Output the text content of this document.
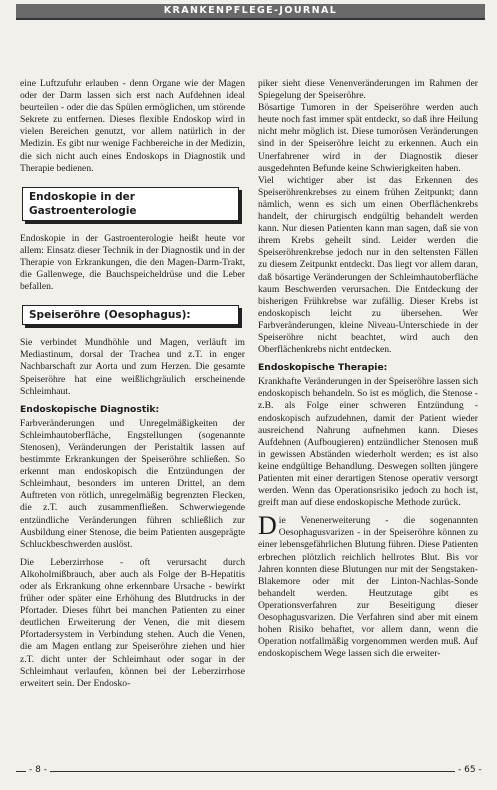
KRANKENPFLEGE-JOURNAL

eine Luftzufuhr erlauben - denn Organe wie der Magen oder der Darm lassen sich erst nach Aufdehnen ideal beurteilen - oder die das Spülen ermöglichen, um störende Sekrete zu entfernen. Dieses flexible Endoskop wird in vielen Bereichen genutzt, vor allem natürlich in der Medizin. Es gibt nur wenige Fachbereiche in der Medizin, die sich nicht auch eines Endoskops in Diagnostik und Therapie bedienen.

Endoskopie in der Gastroenterologie

Endoskopie in der Gastroenterologie heißt heute vor allem: Einsatz dieser Technik in der Diagnostik und in der Therapie von Erkrankungen, die den Magen-Darm-Trakt, die Gallenwege, die Bauchspeicheldrüse und die Leber befallen.

Speiseröhre (Oesophagus):

Sie verbindet Mundhöhle und Magen, verläuft im Mediastinum, dorsal der Trachea und z.T. in enger Nachbarschaft zur Aorta und zum Herzen. Die gesamte Speiseröhre hat eine weißlichgräulich erscheinende Schleimhaut.

Endoskopische Diagnostik:

Farbveränderungen und Unregelmäßigkeiten der Schleimhautoberfläche, Engstellungen (sogenannte Stenosen), Veränderungen der Peristaltik lassen auf bestimmte Erkrankungen der Speiseröhre schließen. So erkennt man endoskopisch die Entzündungen der Schleimhaut, besonders im unteren Drittel, an dem Auftreten von rötlich, unregelmäßig begrenzten Flecken, die z.T. auch zusammenfließen. Schwerwiegende entzündliche Veränderungen führen schließlich zur Ausbildung einer Stenose, die beim Patienten ausgeprägte Schluckbeschwerden auslöst.

Die Leberzirrhose - oft verursacht durch Alkoholmißbrauch, aber auch als Folge der B-Hepatitis oder als Erkrankung ohne erkennbare Ursache - bewirkt früher oder später eine Erhöhung des Blutdrucks in der Pfortader. Dieses führt bei manchen Patienten zu einer deutlichen Erweiterung der Venen, die mit diesem Pfortadersystem in Verbindung stehen. Auch die Venen, die am Magen entlang zur Speiseröhre ziehen und hier z.T. dicht unter der Schleimhaut oder sogar in der Schleimhaut verlaufen, können bei der Leberzirrhose erweitert sein. Der Endosko-

piker sieht diese Venenveränderungen im Rahmen der Spiegelung der Speiseröhre.

Bösartige Tumoren in der Speiseröhre werden auch heute noch fast immer spät entdeckt, so daß ihre Heilung nicht mehr möglich ist. Diese tumorösen Veränderungen sind in der Speiseröhre leicht zu erkennen. Auch ein Unerfahrener wird in der Diagnostik dieser ausgedehnten Befunde keine Schwierigkeiten haben.

Viel wichtiger aber ist das Erkennen des Speiseröhrenkrebses zu einem frühen Zeitpunkt; dann nämlich, wenn es sich um einen Oberflächenkrebs handelt, der chirurgisch endgültig behandelt werden kann. Nur diesen Patienten kann man sagen, daß sie von ihrem Krebs geheilt sind. Leider werden die Speiseröhrenkrebse jedoch nur in den seltensten Fällen zu diesem Zeitpunkt entdeckt. Das liegt vor allem daran, daß bösartige Veränderungen der Schleimhautoberfläche kaum Beschwerden verursachen. Die Entdeckung der bisherigen Frühkrebse war zufällig. Dieser Krebs ist endoskopisch leicht zu übersehen. Wer Farbveränderungen, kleine Niveau-Unterschiede in der Speiseröhre nicht beachtet, wird auch den Oberflächenkrebs nicht entdecken.

Endoskopische Therapie:

Krankhafte Veränderungen in der Speiseröhre lassen sich endoskopisch behandeln. So ist es möglich, die Stenose - z.B. als Folge einer schweren Entzündung - endoskopisch aufzudehnen, damit der Patient wieder ausreichend Nahrung aufnehmen kann. Dieses Aufdehnen (Aufbougieren) entzündlicher Stenosen muß in gewissen Abständen wiederholt werden; es ist also keine endgültige Behandlung. Deswegen sollten jüngere Patienten mit einer derartigen Stenose operativ versorgt werden. Wenn das Operationsrisiko jedoch zu hoch ist, greift man auf diese endoskopische Methode zurück.

Die Venenerweiterung - die sogenannten Oesophagusvarizen - in der Speiseröhre können zu einer lebensgefährlichen Blutung führen. Diese Patienten erbrechen plötzlich reichlich hellrotes Blut. Bis vor Jahren konnten diese Blutungen nur mit der Sengstaken-Blakemore oder mit der Linton-Nachlas-Sonde behandelt werden. Heutzutage gibt es Operationsverfahren zur Beseitigung dieser Oesophagusvarizen. Die Verfahren sind aber mit einem hohen Risiko behaftet, vor allem dann, wenn die Operation notfallmäßig vorgenommen werden muß. Auf endoskopischem Wege lassen sich die erweiter-

- 8 -	- 65 -
